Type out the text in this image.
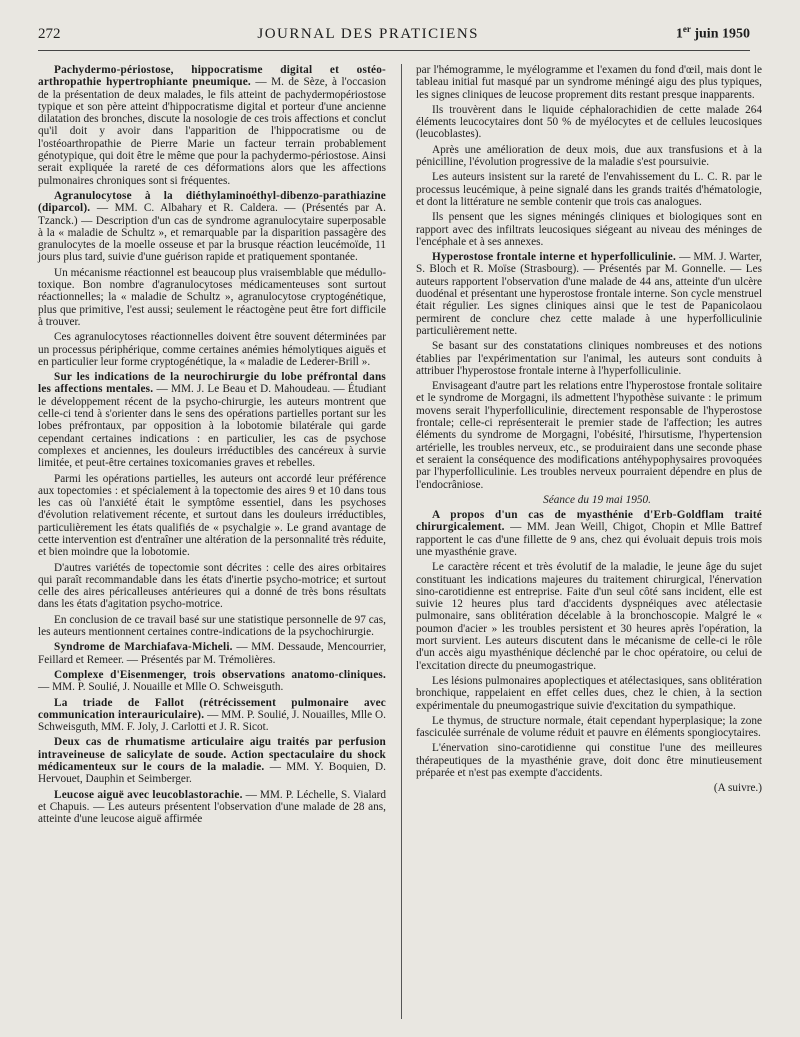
272	JOURNAL DES PRATICIENS	1er juin 1950

Pachydermo-périostose, hippocratisme digital et ostéo-arthropathie hypertrophiante pneumique. — M. de Sèze, à l'occasion de la présentation de deux malades, le fils atteint de pachydermopériostose typique et son père atteint d'hippocratisme digital et porteur d'une ancienne dilatation des bronches, discute la nosologie de ces trois affections et conclut qu'il doit y avoir dans l'apparition de l'hippocratisme ou de l'ostéoarthropathie de Pierre Marie un facteur terrain probablement génotypique, qui doit être le même que pour la pachydermo-périostose. Ainsi serait expliquée la rareté de ces déformations alors que les affections pulmonaires chroniques sont si fréquentes.

Agranulocytose à la diéthylaminoéthyl-dibenzo-parathiazine (diparcol). — MM. C. Albahary et R. Caldera. — (Présentés par A. Tzanck.) — Description d'un cas de syndrome agranulocytaire superposable à la « maladie de Schultz », et remarquable par la disparition passagère des granulocytes de la moelle osseuse et par la brusque réaction leucémoïde, 11 jours plus tard, suivie d'une guérison rapide et pratiquement spontanée.

Un mécanisme réactionnel est beaucoup plus vraisemblable que médullo-toxique. Bon nombre d'agranulocytoses médicamenteuses sont surtout réactionnelles; la « maladie de Schultz », agranulocytose cryptogénétique, plus que primitive, l'est aussi; seulement le réactogène peut être fort difficile à trouver.

Ces agranulocytoses réactionnelles doivent être souvent déterminées par un processus périphérique, comme certaines anémies hémolytiques aiguës et en particulier leur forme cryptogénétique, la « maladie de Lederer-Brill ».

Sur les indications de la neurochirurgie du lobe préfrontal dans les affections mentales. — MM. J. Le Beau et D. Mahoudeau. — Étudiant le développement récent de la psycho-chirurgie, les auteurs montrent que celle-ci tend à s'orienter dans le sens des opérations partielles portant sur les lobes préfrontaux, par opposition à la lobotomie bilatérale qui garde cependant certaines indications : en particulier, les cas de psychose complexes et anciennes, les douleurs irréductibles des cancéreux à survie limitée, et peut-être certaines toxicomanies graves et rebelles.

Parmi les opérations partielles, les auteurs ont accordé leur préférence aux topectomies : et spécialement à la topectomie des aires 9 et 10 dans tous les cas où l'anxiété était le symptôme essentiel, dans les psychoses d'évolution relativement récente, et surtout dans les douleurs irréductibles, particulièrement les états qualifiés de « psychalgie ». Le grand avantage de cette intervention est d'entraîner une altération de la personnalité très réduite, et bien moindre que la lobotomie.

D'autres variétés de topectomie sont décrites : celle des aires orbitaires qui paraît recommandable dans les états d'inertie psycho-motrice; et surtout celle des aires péricalleuses antérieures qui a donné de très bons résultats dans les états d'agitation psycho-motrice.

En conclusion de ce travail basé sur une statistique personnelle de 97 cas, les auteurs mentionnent certaines contre-indications de la psychochirurgie.

Syndrome de Marchiafava-Micheli. — MM. Dessaude, Mencourrier, Feillard et Remeer. — Présentés par M. Trémolières.

Complexe d'Eisenmenger, trois observations anatomo-cliniques. — MM. P. Soulié, J. Nouaille et Mlle O. Schweisguth.

La triade de Fallot (rétrécissement pulmonaire avec communication interauriculaire). — MM. P. Soulié, J. Nouailles, Mlle O. Schweisguth, MM. F. Joly, J. Carlotti et J. R. Sicot.

Deux cas de rhumatisme articulaire aigu traités par perfusion intraveineuse de salicylate de soude. Action spectaculaire du shock médicamenteux sur le cours de la maladie. — MM. Y. Boquien, D. Hervouet, Dauphin et Seimberger.

Leucose aiguë avec leucoblastorachie. — MM. P. Léchelle, S. Vialard et Chapuis. — Les auteurs présentent l'observation d'une malade de 28 ans, atteinte d'une leucose aiguë affirmée

par l'hémogramme, le myélogramme et l'examen du fond d'œil, mais dont le tableau initial fut masqué par un syndrome méningé aigu des plus typiques, les signes cliniques de leucose proprement dits restant presque inapparents.

Ils trouvèrent dans le liquide céphalorachidien de cette malade 264 éléments leucocytaires dont 50 % de myélocytes et de cellules leucosiques (leucoblastes).

Après une amélioration de deux mois, due aux transfusions et à la pénicilline, l'évolution progressive de la maladie s'est poursuivie.

Les auteurs insistent sur la rareté de l'envahissement du L. C. R. par le processus leucémique, à peine signalé dans les grands traités d'hématologie, et dont la littérature ne semble contenir que trois cas analogues.

Ils pensent que les signes méningés cliniques et biologiques sont en rapport avec des infiltrats leucosiques siégeant au niveau des méninges de l'encéphale et à ses annexes.

Hyperostose frontale interne et hyperfolliculinie. — MM. J. Warter, S. Bloch et R. Moïse (Strasbourg). — Présentés par M. Gonnelle. — Les auteurs rapportent l'observation d'une malade de 44 ans, atteinte d'un ulcère duodénal et présentant une hyperostose frontale interne. Son cycle menstruel était régulier. Les signes cliniques ainsi que le test de Papanicolaou permirent de conclure chez cette malade à une hyperfolliculinie particulièrement nette.

Se basant sur des constatations cliniques nombreuses et des notions établies par l'expérimentation sur l'animal, les auteurs sont conduits à attribuer l'hyperostose frontale interne à l'hyperfolliculinie.

Envisageant d'autre part les relations entre l'hyperostose frontale solitaire et le syndrome de Morgagni, ils admettent l'hypothèse suivante : le primum movens serait l'hyperfolliculinie, directement responsable de l'hyperostose frontale; celle-ci représenterait le premier stade de l'affection; les autres éléments du syndrome de Morgagni, l'obésité, l'hirsutisme, l'hypertension artérielle, les troubles nerveux, etc., se produiraient dans une seconde phase et seraient la conséquence des modifications antéhypophysaires provoquées par l'hyperfolliculinie. Les troubles nerveux pourraient dépendre en plus de l'endocrâniose.

Séance du 19 mai 1950.

A propos d'un cas de myasthénie d'Erb-Goldflam traité chirurgicalement. — MM. Jean Weill, Chigot, Chopin et Mlle Battref rapportent le cas d'une fillette de 9 ans, chez qui évoluait depuis trois mois une myasthénie grave.

Le caractère récent et très évolutif de la maladie, le jeune âge du sujet constituant les indications majeures du traitement chirurgical, l'énervation sino-carotidienne est entreprise. Faite d'un seul côté sans incident, elle est suivie 12 heures plus tard d'accidents dyspnéiques avec atélectasie pulmonaire, sans oblitération décelable à la bronchoscopie. Malgré le « poumon d'acier » les troubles persistent et 30 heures après l'opération, la mort survient. Les auteurs discutent dans le mécanisme de celle-ci le rôle d'un accès aigu myasthénique déclenché par le choc opératoire, ou celui de l'excitation directe du pneumogastrique.

Les lésions pulmonaires apoplectiques et atélectasiques, sans oblitération bronchique, rappelaient en effet celles dues, chez le chien, à la section expérimentale du pneumogastrique suivie d'excitation du sympathique.

Le thymus, de structure normale, était cependant hyperplasique; la zone fasciculée surrénale de volume réduit et pauvre en éléments spongiocytaires.

L'énervation sino-carotidienne qui constitue l'une des meilleures thérapeutiques de la myasthénie grave, doit donc être minutieusement préparée et n'est pas exempte d'accidents.

(A suivre.)
